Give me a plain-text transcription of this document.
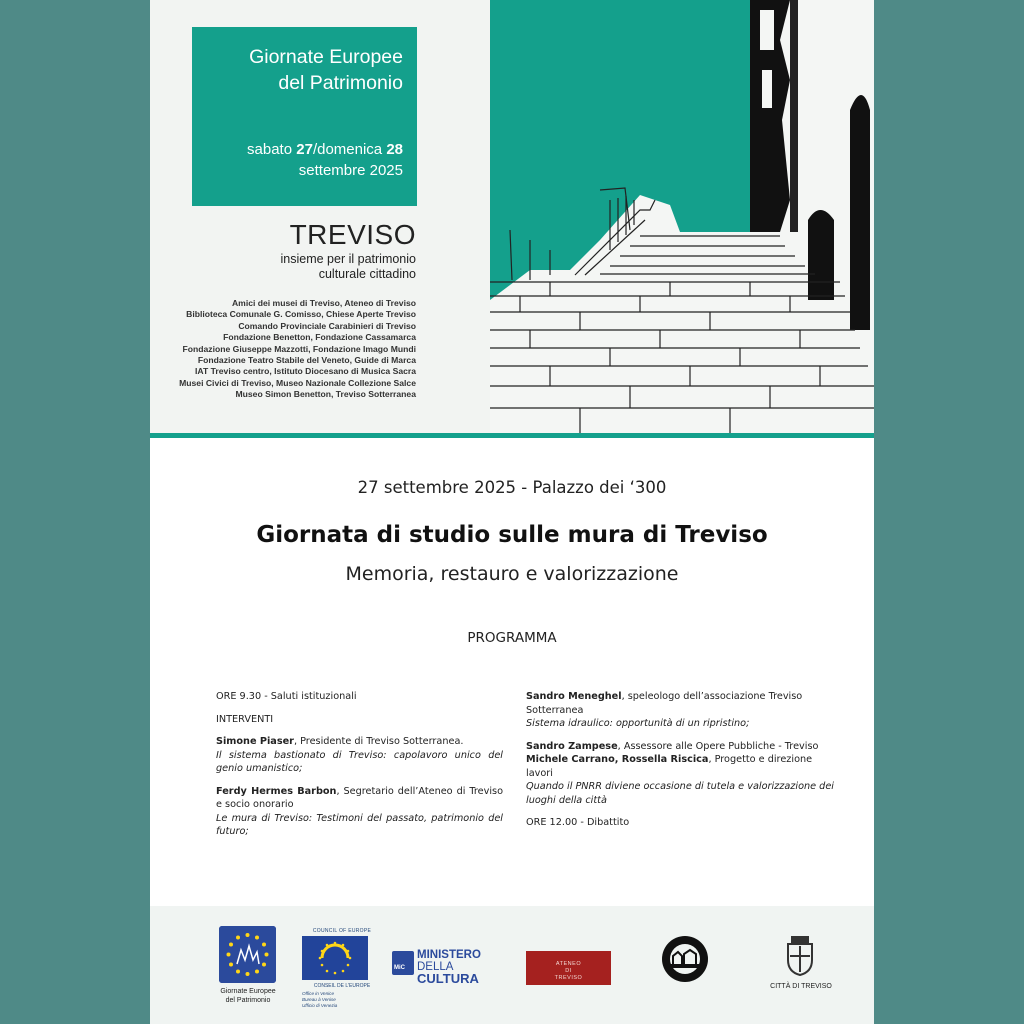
Giornate Europee
del Patrimonio
sabato 27/domenica 28
settembre 2025
TREVISO
insieme per il patrimonio
culturale cittadino
Amici dei musei di Treviso, Ateneo di Treviso
Biblioteca Comunale G. Comisso, Chiese Aperte Treviso
Comando Provinciale Carabinieri di Treviso
Fondazione Benetton, Fondazione Cassamarca
Fondazione Giuseppe Mazzotti, Fondazione Imago Mundi
Fondazione Teatro Stabile del Veneto, Guide di Marca
IAT Treviso centro, Istituto Diocesano di Musica Sacra
Musei Civici di Treviso, Museo Nazionale Collezione Salce
Museo Simon Benetton, Treviso Sotterranea
27 settembre 2025 - Palazzo dei ‘300
Giornata di studio sulle mura di Treviso
Memoria, restauro e valorizzazione
PROGRAMMA

ORE 9.30 - Saluti istituzionali

INTERVENTI

Simone Piaser, Presidente di Treviso Sotterranea.
Il sistema bastionato di Treviso: capolavoro unico del genio umanistico;

Ferdy Hermes Barbon, Segretario dell’Ateneo di Treviso e socio onorario
Le mura di Treviso: Testimoni del passato, patrimonio del futuro;

Sandro Meneghel, speleologo dell’associazione Treviso Sotterranea
Sistema idraulico: opportunità di un ripristino;

Sandro Zampese, Assessore alle Opere Pubbliche - Treviso
Michele Carrano, Rossella Riscica, Progetto e direzione lavori
Quando il PNRR diviene occasione di tutela e valorizzazione dei luoghi della città

ORE 12.00 - Dibattito

Giornate Europee
del Patrimonio
COUNCIL OF EUROPE
CONSEIL DE L'EUROPE
Office in Venice
Bureau à Venise
Ufficio di Venezia
MiC
MINISTERO
DELLA
CULTURA
ATENEO
DI
TREVISO
CITTÀ DI TREVISO
